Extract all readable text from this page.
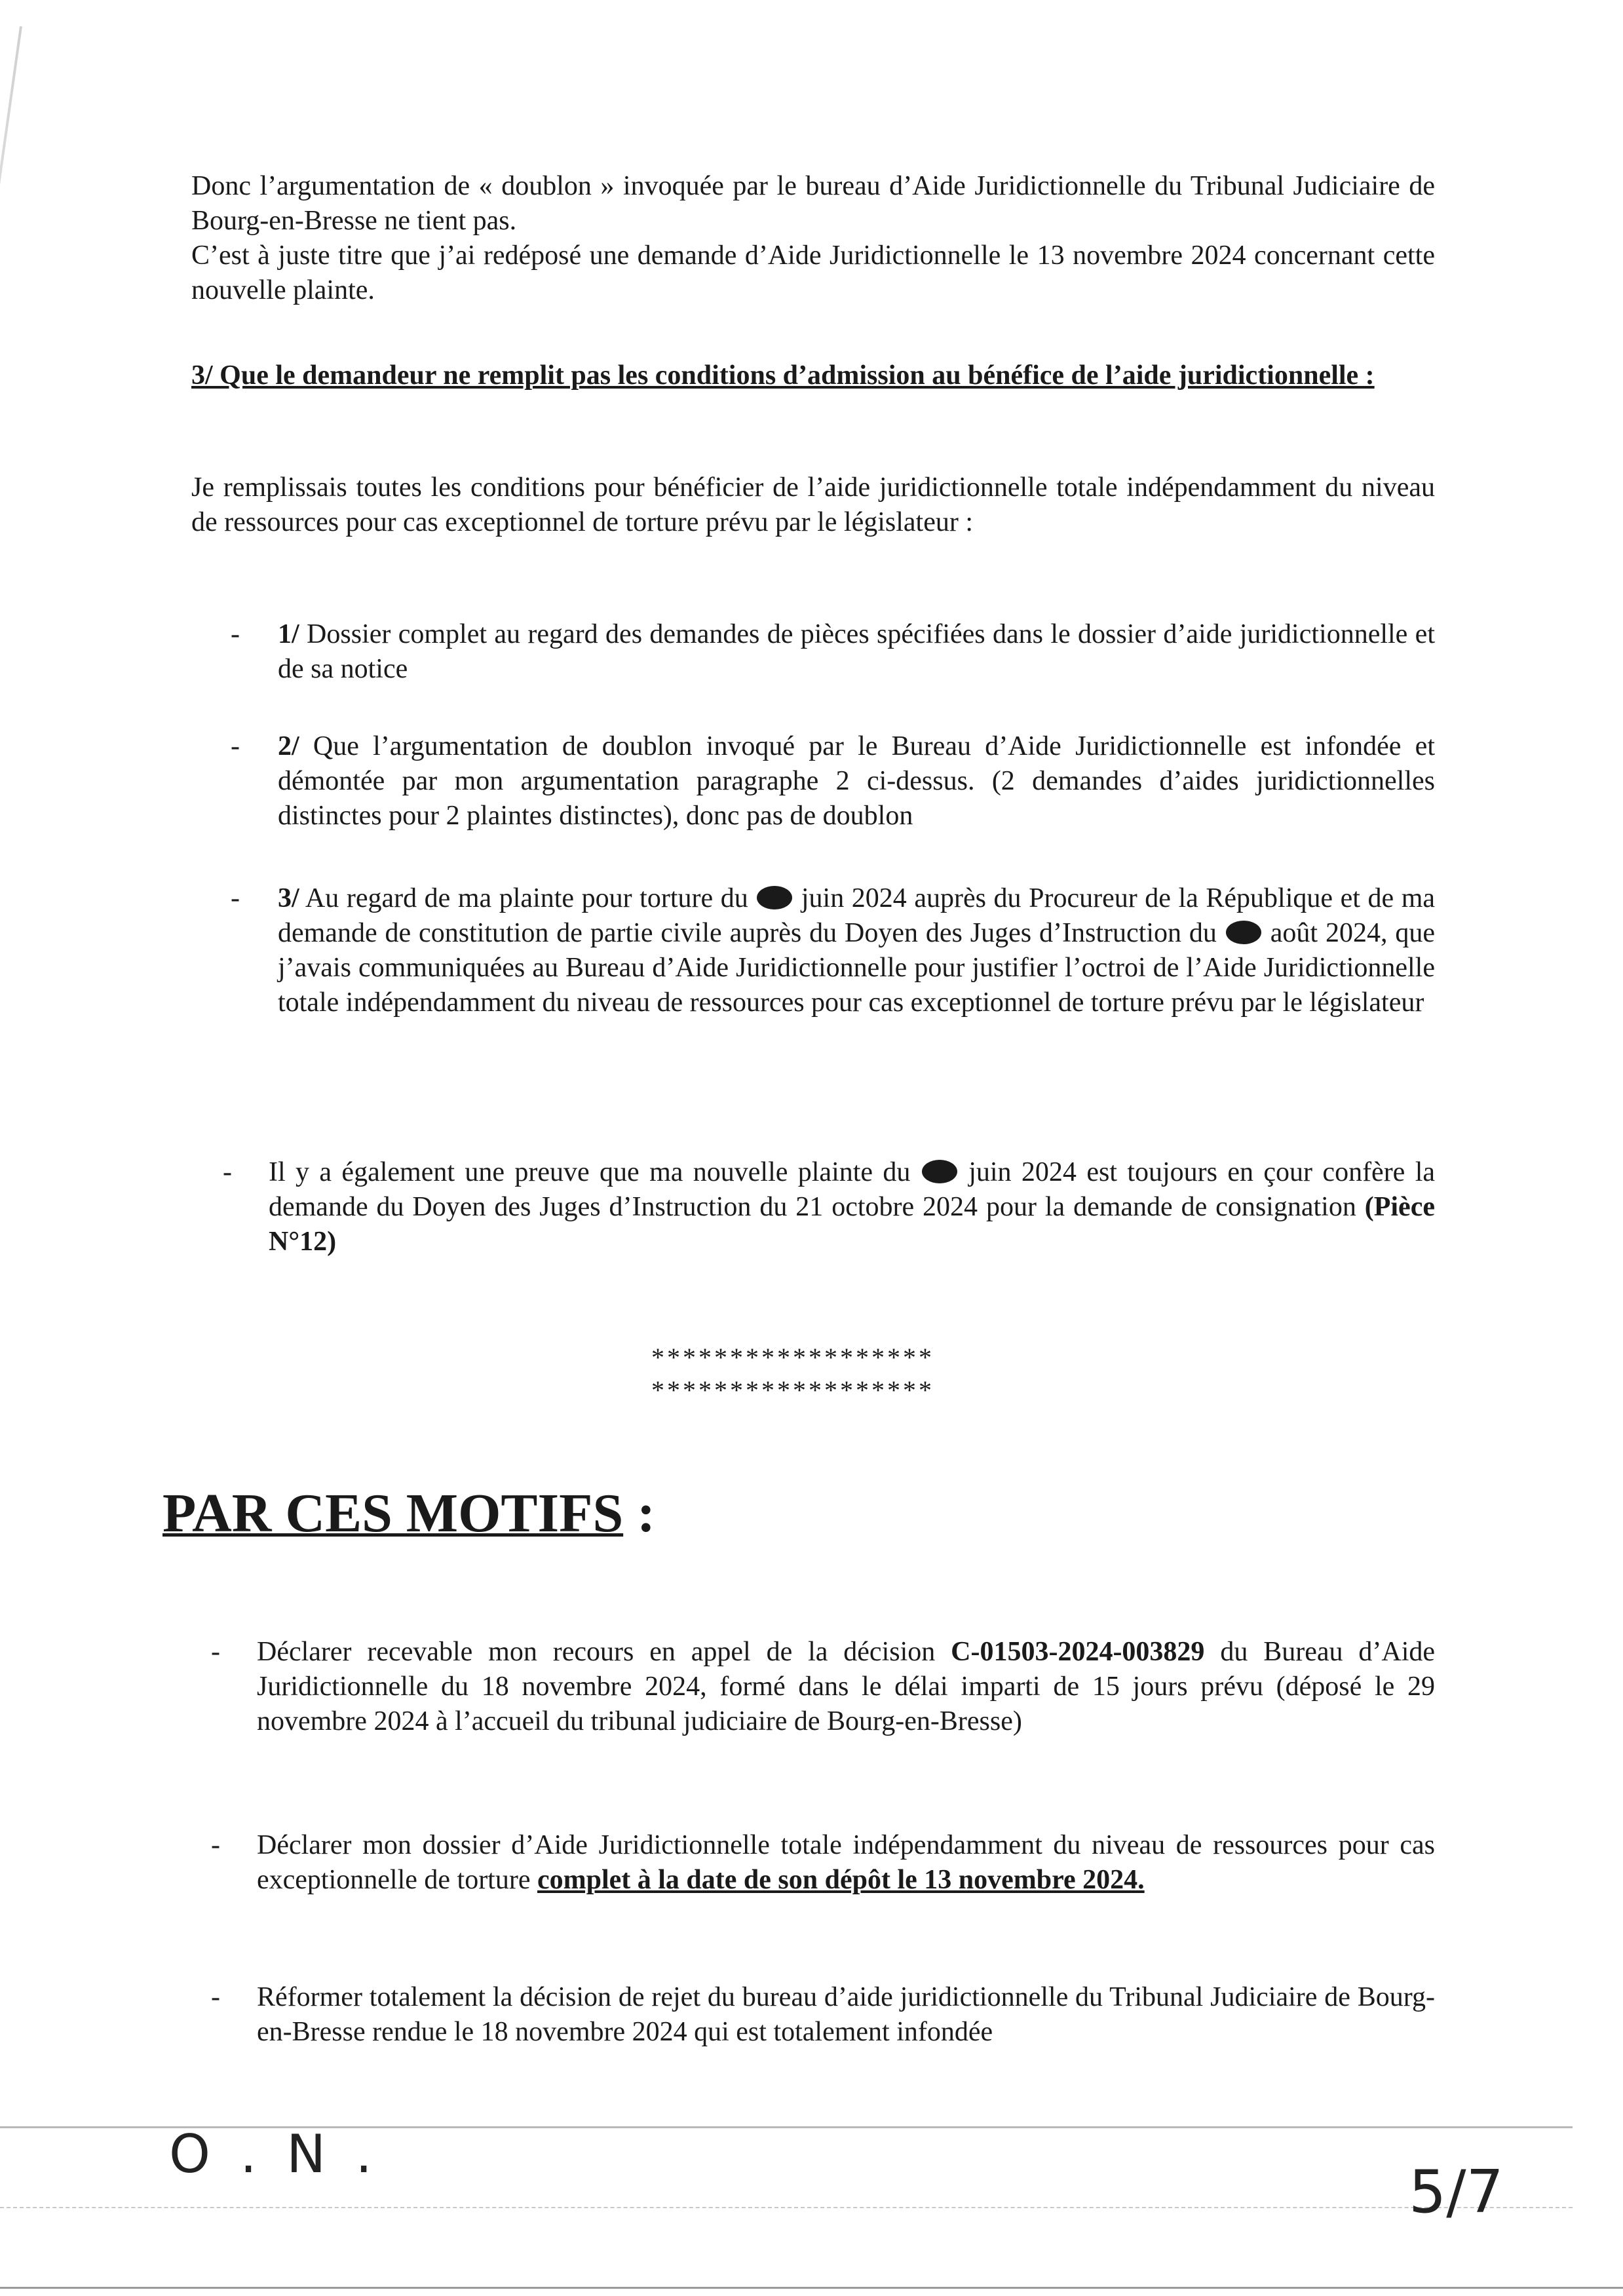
Donc l’argumentation de « doublon » invoquée par le bureau d’Aide Juridictionnelle du Tribunal Judiciaire de Bourg-en-Bresse ne tient pas.

C’est à juste titre que j’ai redéposé une demande d’Aide Juridictionnelle le 13 novembre 2024 concernant cette nouvelle plainte.

3/ Que le demandeur ne remplit pas les conditions d’admission au bénéfice de l’aide juridictionnelle :
Je remplissais toutes les conditions pour bénéficier de l’aide juridictionnelle totale indépendamment du niveau de ressources pour cas exceptionnel de torture prévu par le législateur :
- 1/ Dossier complet au regard des demandes de pièces spécifiées dans le dossier d’aide juridictionnelle et de sa notice
- 2/ Que l’argumentation de doublon invoqué par le Bureau d’Aide Juridictionnelle est infondée et démontée par mon argumentation paragraphe 2 ci-dessus. (2 demandes d’aides juridictionnelles distinctes pour 2 plaintes distinctes), donc pas de doublon
- 3/ Au regard de ma plainte pour torture du juin 2024 auprès du Procureur de la République et de ma demande de constitution de partie civile auprès du Doyen des Juges d’Instruction du août 2024, que j’avais communiquées au Bureau d’Aide Juridictionnelle pour justifier l’octroi de l’Aide Juridictionnelle totale indépendamment du niveau de ressources pour cas exceptionnel de torture prévu par le législateur
- Il y a également une preuve que ma nouvelle plainte du juin 2024 est toujours en çour confère la demande du Doyen des Juges d’Instruction du 21 octobre 2024 pour la demande de consignation (Pièce N°12)
******************
******************
PAR CES MOTIFS :
- Déclarer recevable mon recours en appel de la décision C-01503-2024-003829 du Bureau d’Aide Juridictionnelle du 18 novembre 2024, formé dans le délai imparti de 15 jours prévu (déposé le 29 novembre 2024 à l’accueil du tribunal judiciaire de Bourg-en-Bresse)
- Déclarer mon dossier d’Aide Juridictionnelle totale indépendamment du niveau de ressources pour cas exceptionnelle de torture complet à la date de son dépôt le 13 novembre 2024.
- Réformer totalement la décision de rejet du bureau d’aide juridictionnelle du Tribunal Judiciaire de Bourg-en-Bresse rendue le 18 novembre 2024 qui est totalement infondée
O . N .
5/7
